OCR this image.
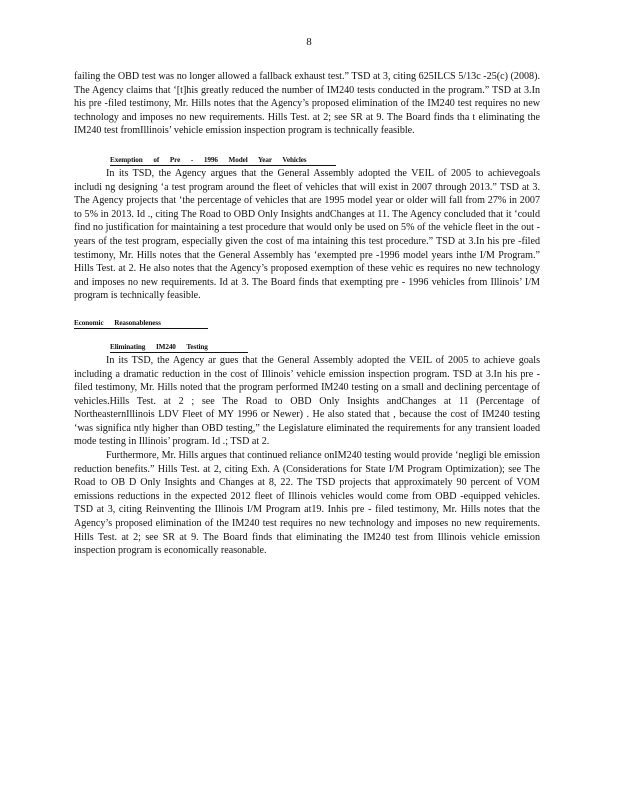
8

failing the OBD test was no longer allowed a fallback exhaust test.” TSD at 3, citing 625ILCS 5/13c -25(c) (2008). The Agency claims that ‘[t]his greatly reduced the number of IM240 tests conducted in the program.” TSD at 3.In his pre -filed testimony, Mr. Hills notes that the Agency’s proposed elimination of the IM240 test requires no new technology and imposes no new requirements. Hills Test. at 2; see SR at 9. The Board finds tha t eliminating the IM240 test fromIllinois’ vehicle emission inspection program is technically feasible.

Exemption of Pre - 1996 Model Year Vehicles

In its TSD, the Agency argues that the General Assembly adopted the VEIL of 2005 to achievegoals includi ng designing ‘a test program around the fleet of vehicles that will exist in 2007 through 2013.” TSD at 3. The Agency projects that ‘the percentage of vehicles that are 1995 model year or older will fall from 27% in 2007 to 5% in 2013. Id ., citing The Road to OBD Only Insights andChanges at 11. The Agency concluded that it ‘could find no justification for maintaining a test procedure that would only be used on 5% of the vehicle fleet in the out -years of the test program, especially given the cost of ma intaining this test procedure.” TSD at 3.In his pre -filed testimony, Mr. Hills notes that the General Assembly has ‘exempted pre -1996 model years inthe I/M Program.” Hills Test. at 2. He also notes that the Agency’s proposed exemption of these vehic es requires no new technology and imposes no new requirements. Id at 3. The Board finds that exempting pre - 1996 vehicles from Illinois’ I/M program is technically feasible.

Economic Reasonableness
Eliminating IM240 Testing

In its TSD, the Agency ar gues that the General Assembly adopted the VEIL of 2005 to achieve goals including a dramatic reduction in the cost of Illinois’ vehicle emission inspection program. TSD at 3.In his pre -filed testimony, Mr. Hills noted that the program performed IM240 testing on a small and declining percentage of vehicles.Hills Test. at 2 ; see The Road to OBD Only Insights andChanges at 11 (Percentage of NortheasternIllinois LDV Fleet of MY 1996 or Newer) . He also stated that , because the cost of IM240 testing ‘was significa ntly higher than OBD testing,” the Legislature eliminated the requirements for any transient loaded mode testing in Illinois’ program. Id .; TSD at 2.

Furthermore, Mr. Hills argues that continued reliance onIM240 testing would provide ‘negligi ble emission reduction benefits.” Hills Test. at 2, citing Exh. A (Considerations for State I/M Program Optimization); see The Road to OB D Only Insights and Changes at 8, 22. The TSD projects that approximately 90 percent of VOM emissions reductions in the expected 2012 fleet of Illinois vehicles would come from OBD -equipped vehicles. TSD at 3, citing Reinventing the Illinois I/M Program at19. Inhis pre - filed testimony, Mr. Hills notes that the Agency’s proposed elimination of the IM240 test requires no new technology and imposes no new requirements. Hills Test. at 2; see SR at 9. The Board finds that eliminating the IM240 test from Illinois vehicle emission inspection program is economically reasonable.
